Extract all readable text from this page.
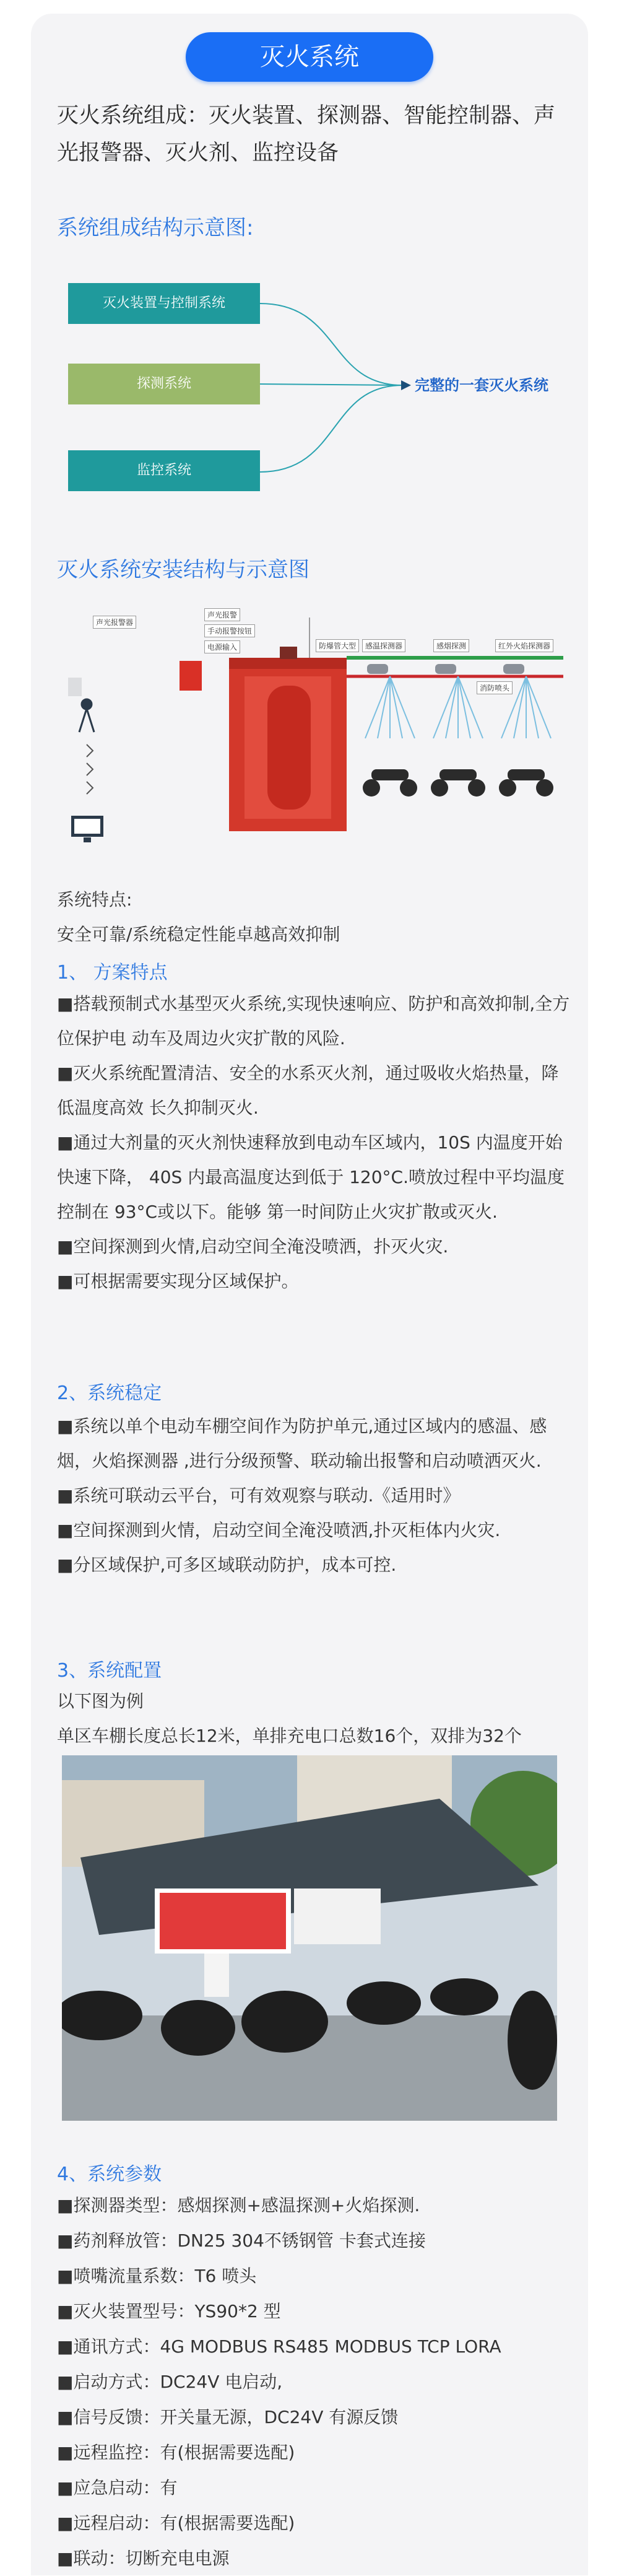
灭火系统
灭火系统组成：灭火装置、探测器、智能控制器、声光报警器、灭火剂、监控设备
系统组成结构示意图:
灭火装置与控制系统
探测系统
监控系统
完整的一套灭火系统
灭火系统安装结构与示意图
声光报警器
声光报警
手动报警按钮
电源输入	防爆管大型	感温探测器	感烟探测	红外火焰探测器
消防喷头
系统特点:
安全可靠/系统稳定性能卓越高效抑制
1、 方案特点

■搭载预制式水基型灭火系统,实现快速响应、防护和高效抑制,全方位保护电 动车及周边火灾扩散的风险.

■灭火系统配置清洁、安全的水系灭火剂，通过吸收火焰热量，降低温度高效 长久抑制灭火.

■通过大剂量的灭火剂快速释放到电动车区域内，10S 内温度开始快速下降， 40S 内最高温度达到低于 120°C.喷放过程中平均温度控制在 93°C或以下。能够 第一时间防止火灾扩散或灭火.

■空间探测到火情,启动空间全淹没喷洒，扑灭火灾.

■可根据需要实现分区域保护。

2、系统稳定

■系统以单个电动车棚空间作为防护单元,通过区域内的感温、感烟，火焰探测器 ,进行分级预警、联动输出报警和启动喷洒灭火.

■系统可联动云平台，可有效观察与联动.《适用时》

■空间探测到火情，启动空间全淹没喷洒,扑灭柜体内火灾.

■分区域保护,可多区域联动防护，成本可控.

3、系统配置

以下图为例

单区车棚长度总长12米，单排充电口总数16个，双排为32个

4、系统参数
■探测器类型：感烟探测+感温探测+火焰探测.
■药剂释放管：DN25 304不锈钢管 卡套式连接
■喷嘴流量系数：T6 喷头
■灭火装置型号：YS90*2 型
■通讯方式：4G MODBUS RS485 MODBUS TCP LORA
■启动方式：DC24V 电启动,
■信号反馈：开关量无源，DC24V 有源反馈
■远程监控：有(根据需要选配)
■应急启动：有
■远程启动：有(根据需要选配)
■联动：切断充电电源
